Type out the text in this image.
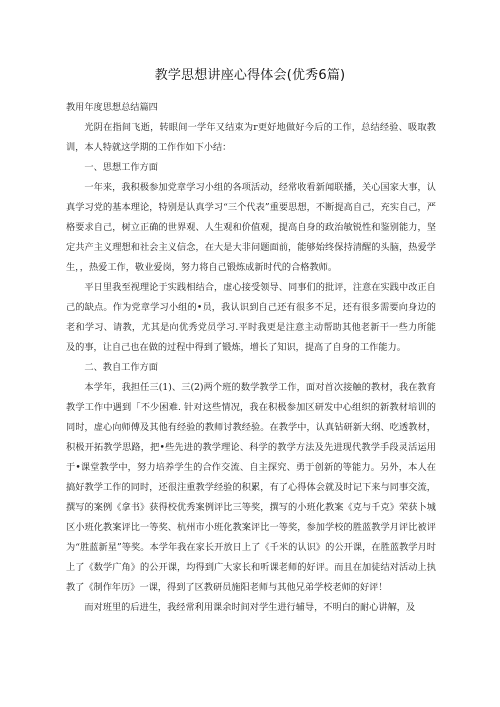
教学思想讲座心得体会(优秀6篇)

教用年度思想总结篇四

光阴在指间飞逝，转眼间一学年又结束为r更好地做好今后的工作，总结经验、吸取教训，本人特就这学期的工作作如下小结：

一、思想工作方面

一年来，我积极参加党章学习小组的各项活动，经常收看新闻联播，关心国家大事，认真学习党的基本理论，特别是认真学习“三个代表”重要思想，不断提高自己，充实自己，严格要求自己，树立正确的世界观、人生观和价值观，提高自身的政治敏锐性和鉴别能力，坚定共产主义理想和社会主义信念，在大是大非问题面前，能够始终保持清醒的头脑，热爱学生，，热爱工作，敬业爱岗，努力将自己锻炼成新时代的合格教师。

平日里我至视理论于实践相结合，虚心接受领导、同事们的批评，注意在实践中改正自己的缺点。作为党章学习小组的•员，我认识到自己还有很多不足，还有很多需要向身边的老和学习、请教，尤其是向优秀党员学习.平时我更是注意主动帮助其他老新干一些力所能及的事，让自己也在做的过程中得到了锻炼，增长了知识，提高了自身的工作能力。

二、教自工作方面

本学年，我担任三(1)、三(2)两个班的数学教学工作，面对首次接触的教材，我在教育教学工作中遇到「不少困难. 针对这些情况，我在积极参加区研发中心组织的新教材培训的同时，虚心向师傅及其他有经验的教师讨教经验。在教学中，认真钻研新大纲、吃透教材，积极开拓教学思路，把•些先进的教学理论、科学的教学方法及先进现代教学手段灵活运用于•课堂教学中，努力培养学生的合作交流、自主探究、勇于创新的等能力。另外，本人在搞好教学工作的同时，还很注重教学经验的积累，有了心得体会就及时记下来与同事交流，撰写的案例《拿书》获得校优秀案例评比三等奖，撰写的小班化教案《克与千克》荣获卜城区小班化教案评比一等奖、杭州市小班化教案评比一等奖，参加学校的胜蓝教学月评比被评为“胜蓝新星”等奖。本学年我在家长开放日上了《千米的认识》的公开课，在胜蓝教学月时上了《数学广角》的公开课，均得到广大家长和听课老师的好评。而且在加徒结对活动上执教了《制作年历》一课，得到了区教研员施阳老师与其他兄弟学校老师的好评！

而对班里的后进生，我经常利用课余时间对学生进行辅导，不明白的耐心讲解，及
